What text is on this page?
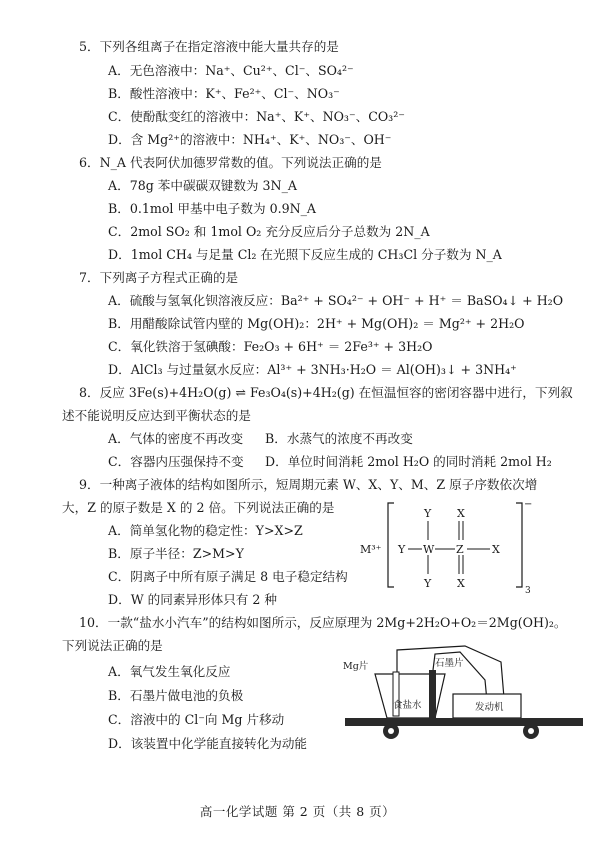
5．下列各组离子在指定溶液中能大量共存的是
A．无色溶液中：Na⁺、Cu²⁺、Cl⁻、SO₄²⁻
B．酸性溶液中：K⁺、Fe²⁺、Cl⁻、NO₃⁻
C．使酚酞变红的溶液中：Na⁺、K⁺、NO₃⁻、CO₃²⁻
D．含 Mg²⁺的溶液中：NH₄⁺、K⁺、NO₃⁻、OH⁻
6．N_A 代表阿伏加德罗常数的值。下列说法正确的是
A．78g 苯中碳碳双键数为 3N_A
B．0.1mol 甲基中电子数为 0.9N_A
C．2mol SO₂ 和 1mol O₂ 充分反应后分子总数为 2N_A
D．1mol CH₄ 与足量 Cl₂ 在光照下反应生成的 CH₃Cl 分子数为 N_A
7．下列离子方程式正确的是
A．硫酸与氢氧化钡溶液反应：Ba²⁺ + SO₄²⁻ + OH⁻ + H⁺ ＝ BaSO₄↓ + H₂O
B．用醋酸除试管内壁的 Mg(OH)₂：2H⁺ + Mg(OH)₂ ＝ Mg²⁺ + 2H₂O
C．氧化铁溶于氢碘酸：Fe₂O₃ + 6H⁺ ＝ 2Fe³⁺ + 3H₂O
D．AlCl₃ 与过量氨水反应：Al³⁺ + 3NH₃·H₂O ＝ Al(OH)₃↓ + 3NH₄⁺
8．反应 3Fe(s)+4H₂O(g) ⇌ Fe₃O₄(s)+4H₂(g) 在恒温恒容的密闭容器中进行，下列叙
述不能说明反应达到平衡状态的是
A．气体的密度不再改变 B．水蒸气的浓度不再改变
C．容器内压强保持不变 D．单位时间消耗 2mol H₂O 的同时消耗 2mol H₂
9．一种离子液体的结构如图所示，短周期元素 W、X、Y、M、Z 原子序数依次增
大，Z 的原子数是 X 的 2 倍。下列说法正确的是
A．简单氢化物的稳定性：Y>X>Z
B．原子半径：Z>M>Y
C．阴离子中所有原子满足 8 电子稳定结构
D．W 的同素异形体只有 2 种
M³⁺
−
3
Y W Z	X
Y
Y
X
X
10．一款“盐水小汽车”的结构如图所示，反应原理为 2Mg+2H₂O+O₂＝2Mg(OH)₂。
下列说法正确的是
A．氧气发生氧化反应
B．石墨片做电池的负极
C．溶液中的 Cl⁻向 Mg 片移动
D．该装置中化学能直接转化为动能
Mg片	石墨片
食盐水	发动机
高一化学试题 第 2 页（共 8 页）
